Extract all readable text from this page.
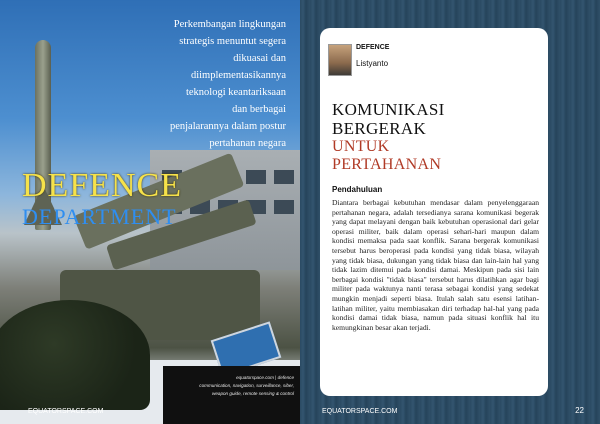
Perkembangan lingkungan
strategis menuntut segera
dikuasai dan
diimplementasikannya
teknologi keantariksaan
dan berbagai
penjalarannya dalam postur
pertahanan negara
DEFENCE
DEPARTMENT
equatorspace.com | defence
communication, navigation, surveillance, siber,
weapon guide, remote sensing & control
EQUATORSPACE.COM
DEFENCE
Listyanto
KOMUNIKASI
BERGERAK
UNTUK
PERTAHANAN
Pendahuluan
Diantara berbagai kebutuhan mendasar dalam penyelenggaraan pertahanan negara, adalah tersedianya sarana komunikasi begerak yang dapat melayani dengan baik kebutuhan operasional dari gelar operasi militer, baik dalam operasi sehari-hari maupun dalam kondisi memaksa pada saat konflik. Sarana bergerak komunikasi tersebut harus beroperasi pada kondisi yang tidak biasa, wilayah yang tidak biasa, dukungan yang tidak biasa dan lain-lain hal yang tidak lazim ditemui pada kondisi damai. Meskipun pada sisi lain berbagai kondisi "tidak biasa" tersebut harus dilatihkan agar bagi militer pada waktunya nanti terasa sebagai kondisi yang sedekat mungkin menjadi seperti biasa. Itulah salah satu esensi latihan-latihan militer, yaitu membiasakan diri terhadap hal-hal yang pada kondisi damai tidak biasa, namun pada situasi konflik hal itu kemungkinan besar akan terjadi.
EQUATORSPACE.COM	22
